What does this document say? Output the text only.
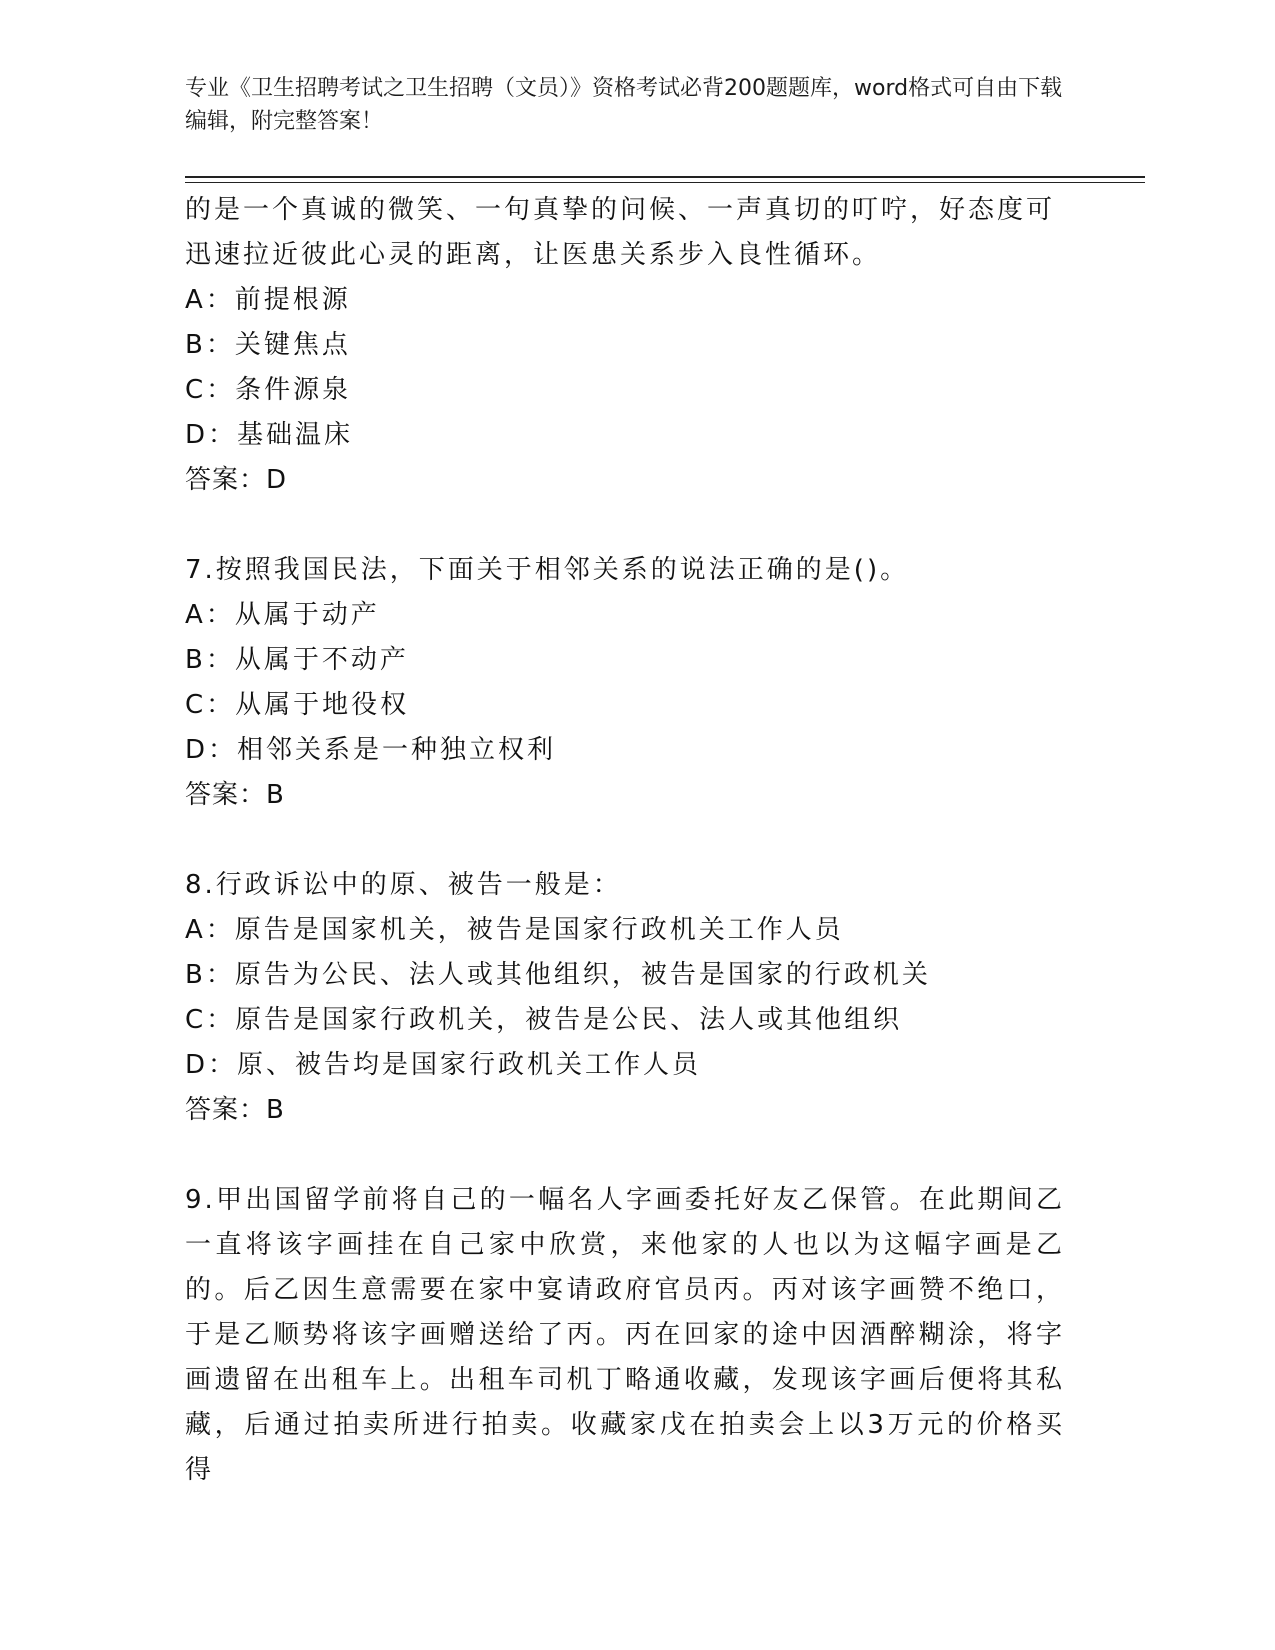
专业《卫生招聘考试之卫生招聘（文员）》资格考试必背200题题库，word格式可自由下载编辑，附完整答案！

的是一个真诚的微笑、一句真挚的问候、一声真切的叮咛，好态度可迅速拉近彼此心灵的距离，让医患关系步入良性循环。

A：前提根源

B：关键焦点

C：条件源泉

D：基础温床

答案：D

7.按照我国民法，下面关于相邻关系的说法正确的是()。

A：从属于动产

B：从属于不动产

C：从属于地役权

D：相邻关系是一种独立权利

答案：B

8.行政诉讼中的原、被告一般是：

A：原告是国家机关，被告是国家行政机关工作人员

B：原告为公民、法人或其他组织，被告是国家的行政机关

C：原告是国家行政机关，被告是公民、法人或其他组织

D：原、被告均是国家行政机关工作人员

答案：B

9.甲出国留学前将自己的一幅名人字画委托好友乙保管。在此期间乙一直将该字画挂在自己家中欣赏，来他家的人也以为这幅字画是乙的。后乙因生意需要在家中宴请政府官员丙。丙对该字画赞不绝口，于是乙顺势将该字画赠送给了丙。丙在回家的途中因酒醉糊涂，将字画遗留在出租车上。出租车司机丁略通收藏，发现该字画后便将其私藏，后通过拍卖所进行拍卖。收藏家戊在拍卖会上以3万元的价格买得
